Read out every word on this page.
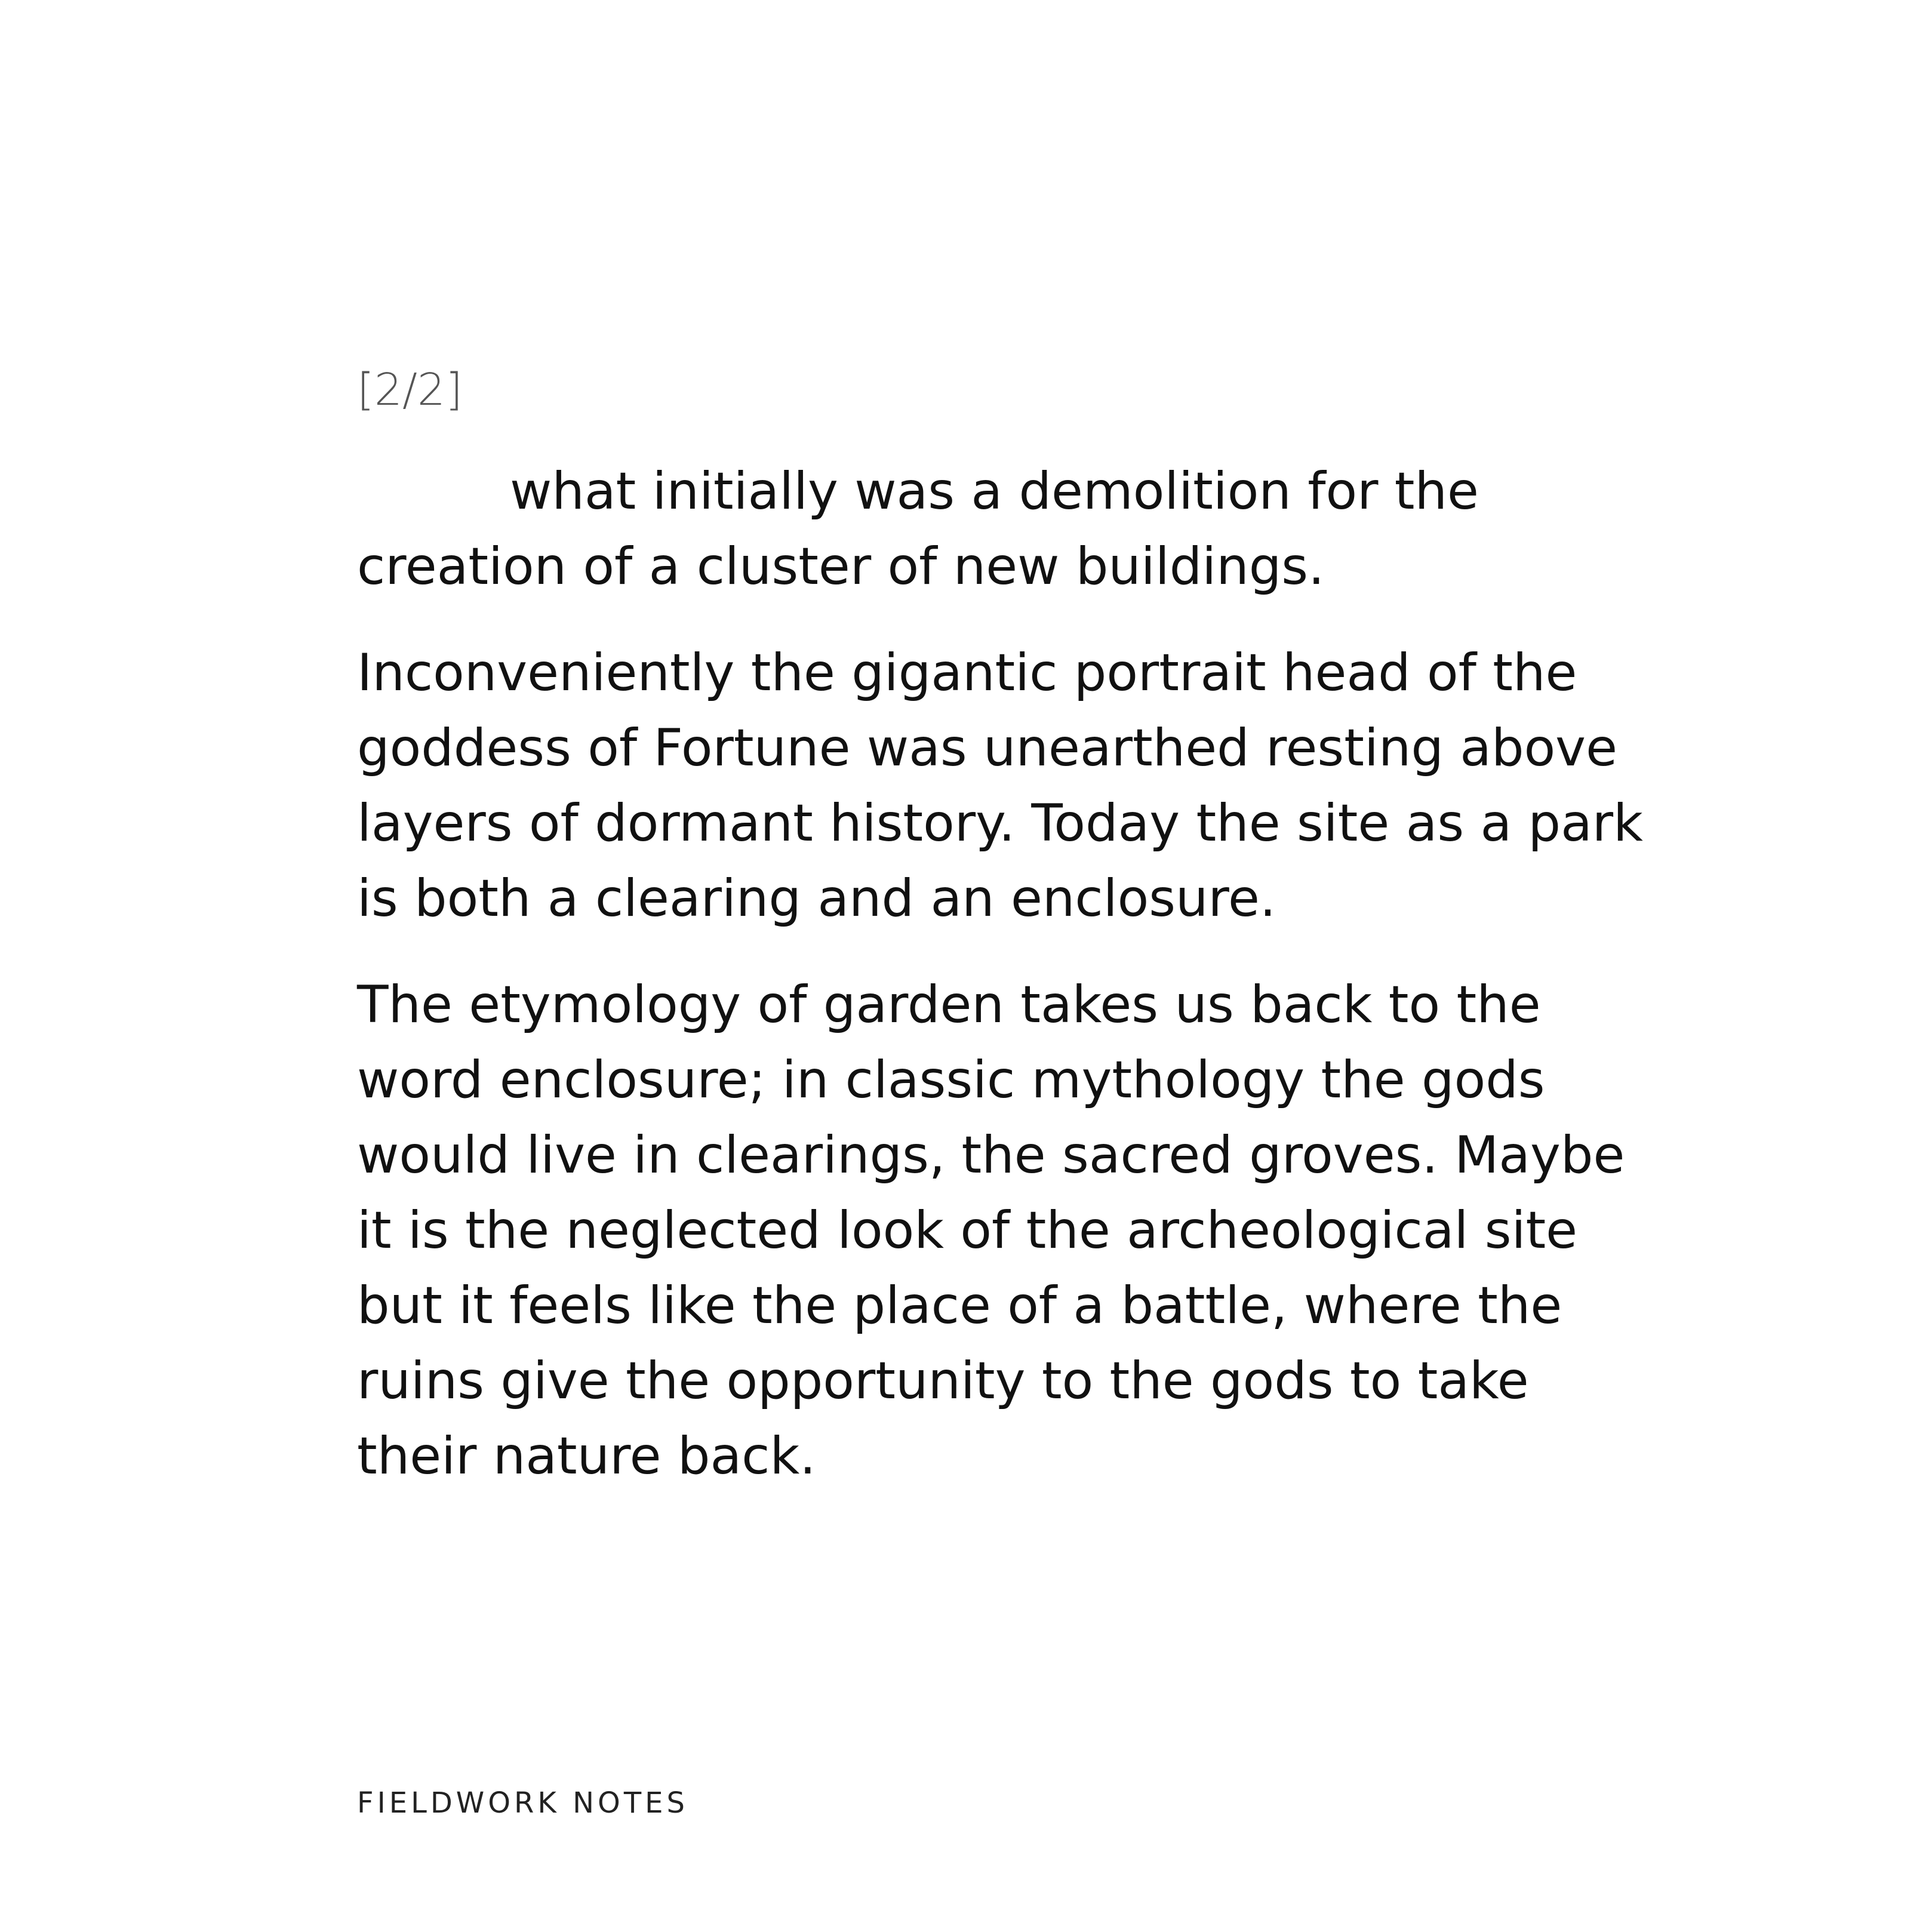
[2/2]

what initially was a demolition for the
creation of a cluster of new buildings.
Inconveniently the gigantic portrait head of the
goddess of Fortune was unearthed resting above
layers of dormant history. Today the site as a park
is both a clearing and an enclosure.
The etymology of garden takes us back to the
word enclosure; in classic mythology the gods
would live in clearings, the sacred groves. Maybe
it is the neglected look of the archeological site
but it feels like the place of a battle, where the
ruins give the opportunity to the gods to take
their nature back.

FIELDWORK NOTES
